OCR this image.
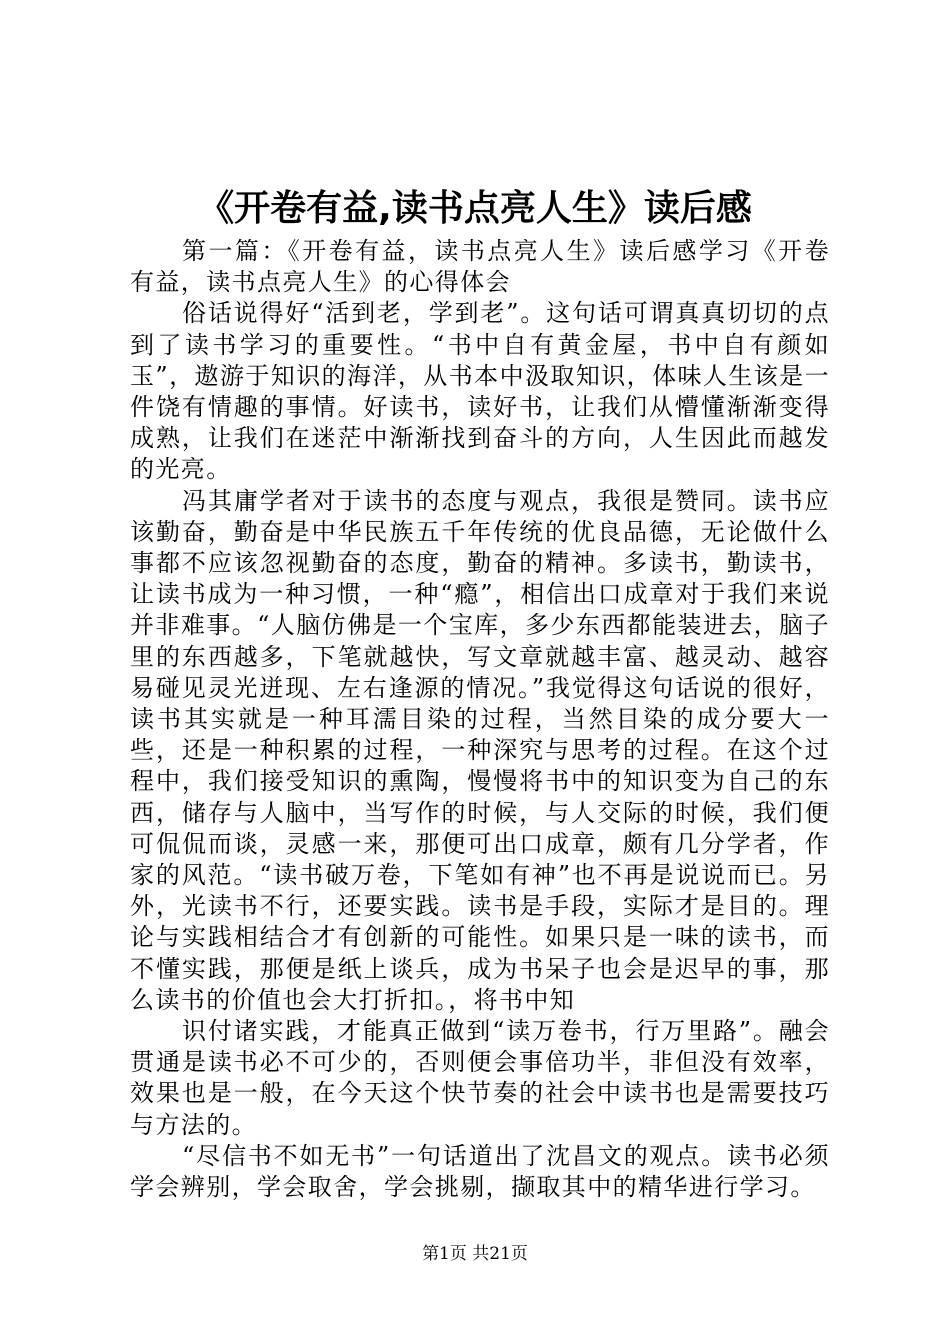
《开卷有益,读书点亮人生》读后感

第一篇：《开卷有益，读书点亮人生》读后感学习《开卷有益，读书点亮人生》的心得体会

俗话说得好“活到老，学到老”。这句话可谓真真切切的点到了读书学习的重要性。“书中自有黄金屋，书中自有颜如玉”，遨游于知识的海洋，从书本中汲取知识，体味人生该是一件饶有情趣的事情。好读书，读好书，让我们从懵懂渐渐变得成熟，让我们在迷茫中渐渐找到奋斗的方向，人生因此而越发的光亮。

冯其庸学者对于读书的态度与观点，我很是赞同。读书应该勤奋，勤奋是中华民族五千年传统的优良品德，无论做什么事都不应该忽视勤奋的态度，勤奋的精神。多读书，勤读书，让读书成为一种习惯，一种“瘾”，相信出口成章对于我们来说并非难事。“人脑仿佛是一个宝库，多少东西都能装进去，脑子里的东西越多，下笔就越快，写文章就越丰富、越灵动、越容易碰见灵光迸现、左右逢源的情况。”我觉得这句话说的很好，读书其实就是一种耳濡目染的过程，当然目染的成分要大一些，还是一种积累的过程，一种深究与思考的过程。在这个过程中，我们接受知识的熏陶，慢慢将书中的知识变为自己的东西，储存与人脑中，当写作的时候，与人交际的时候，我们便可侃侃而谈，灵感一来，那便可出口成章，颇有几分学者，作家的风范。“读书破万卷，下笔如有神”也不再是说说而已。另外，光读书不行，还要实践。读书是手段，实际才是目的。理论与实践相结合才有创新的可能性。如果只是一味的读书，而不懂实践，那便是纸上谈兵，成为书呆子也会是迟早的事，那么读书的价值也会大打折扣。，将书中知

识付诸实践，才能真正做到“读万卷书，行万里路”。融会贯通是读书必不可少的，否则便会事倍功半，非但没有效率，效果也是一般，在今天这个快节奏的社会中读书也是需要技巧与方法的。

“尽信书不如无书”一句话道出了沈昌文的观点。读书必须学会辨别，学会取舍，学会挑剔，撷取其中的精华进行学习。

第1页 共21页
